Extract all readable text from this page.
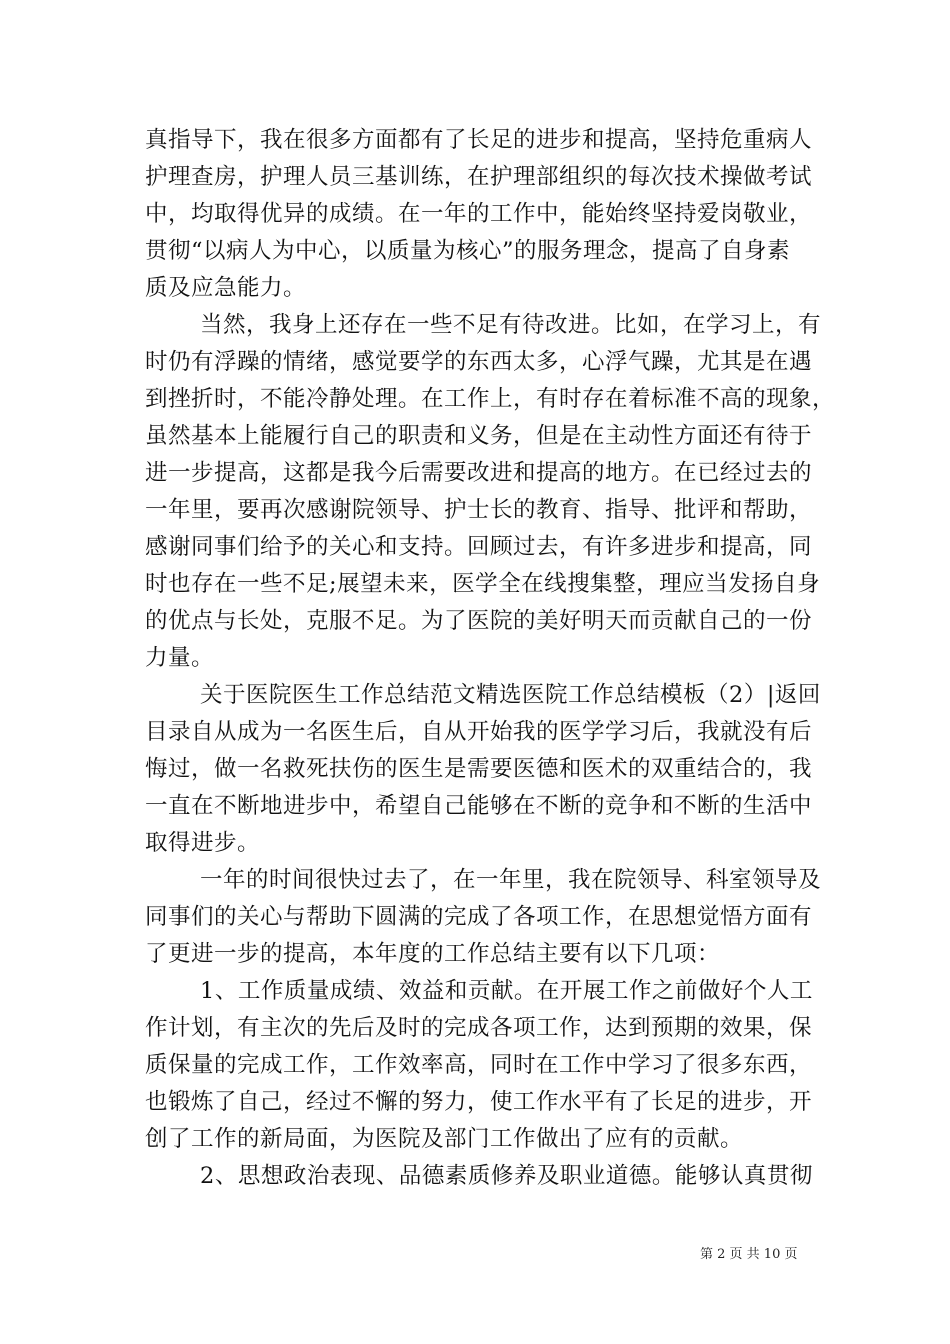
真指导下，我在很多方面都有了长足的进步和提高，坚持危重病人
护理查房，护理人员三基训练，在护理部组织的每次技术操做考试
中，均取得优异的成绩。在一年的工作中，能始终坚持爱岗敬业，
贯彻“以病人为中心，以质量为核心”的服务理念，提高了自身素
质及应急能力。
当然，我身上还存在一些不足有待改进。比如，在学习上，有
时仍有浮躁的情绪，感觉要学的东西太多，心浮气躁，尤其是在遇
到挫折时，不能冷静处理。在工作上，有时存在着标准不高的现象，
虽然基本上能履行自己的职责和义务，但是在主动性方面还有待于
进一步提高，这都是我今后需要改进和提高的地方。在已经过去的
一年里，要再次感谢院领导、护士长的教育、指导、批评和帮助，
感谢同事们给予的关心和支持。回顾过去，有许多进步和提高，同
时也存在一些不足;展望未来，医学全在线搜集整，理应当发扬自身
的优点与长处，克服不足。为了医院的美好明天而贡献自己的一份
力量。
关于医院医生工作总结范文精选医院工作总结模板（2）|返回
目录自从成为一名医生后，自从开始我的医学学习后，我就没有后
悔过，做一名救死扶伤的医生是需要医德和医术的双重结合的，我
一直在不断地进步中，希望自己能够在不断的竞争和不断的生活中
取得进步。
一年的时间很快过去了，在一年里，我在院领导、科室领导及
同事们的关心与帮助下圆满的完成了各项工作，在思想觉悟方面有
了更进一步的提高，本年度的工作总结主要有以下几项：
1、工作质量成绩、效益和贡献。在开展工作之前做好个人工
作计划，有主次的先后及时的完成各项工作，达到预期的效果，保
质保量的完成工作，工作效率高，同时在工作中学习了很多东西，
也锻炼了自己，经过不懈的努力，使工作水平有了长足的进步，开
创了工作的新局面，为医院及部门工作做出了应有的贡献。
2、思想政治表现、品德素质修养及职业道德。能够认真贯彻
第 2 页 共 10 页
